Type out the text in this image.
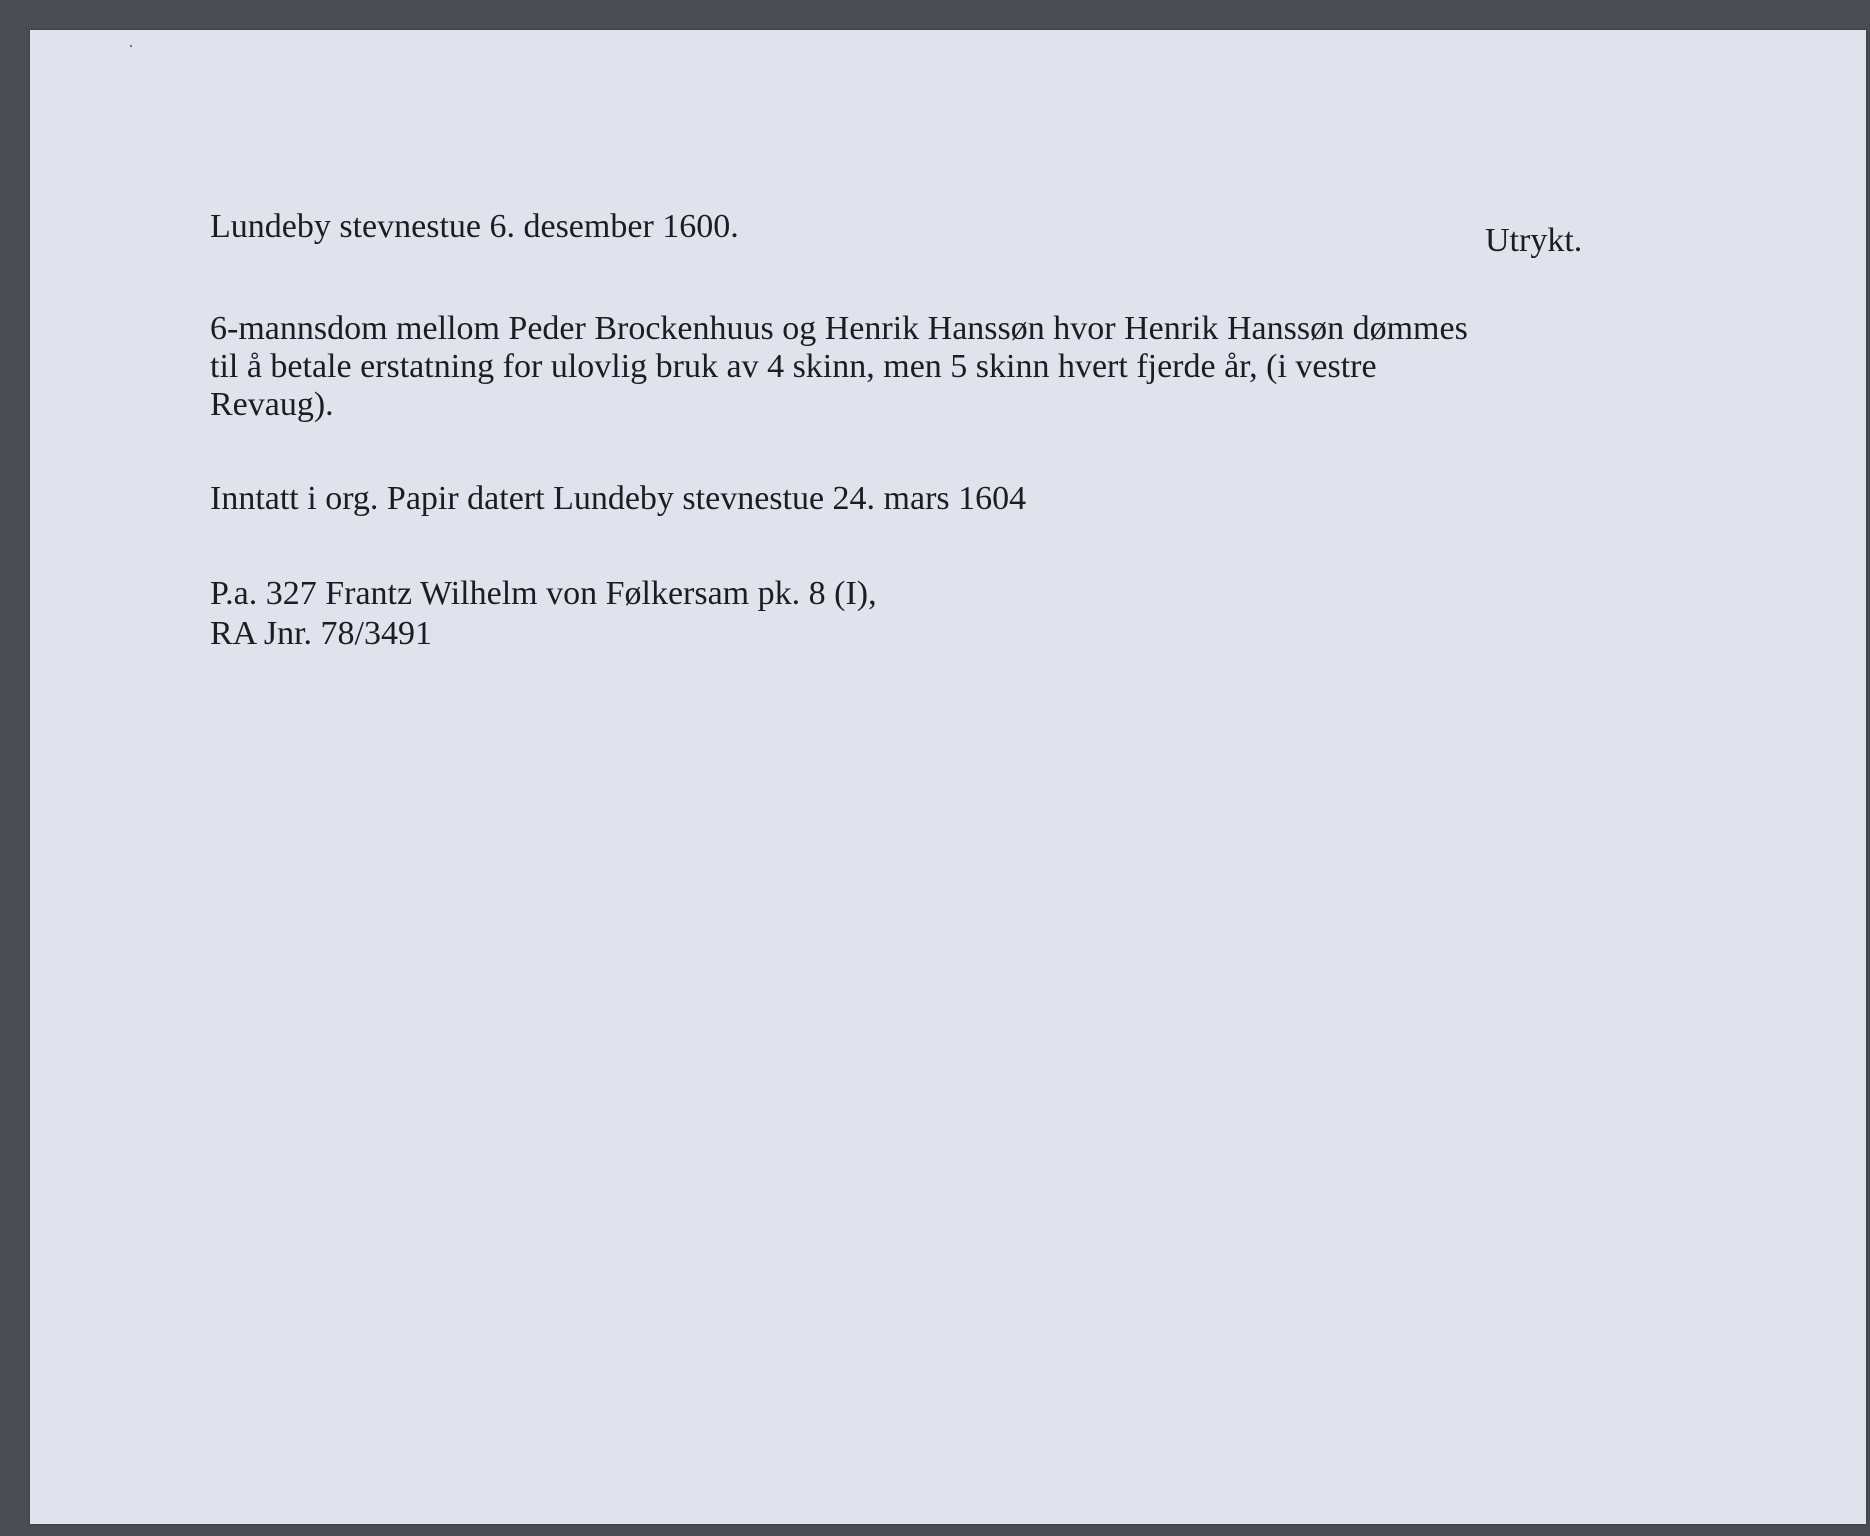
Lundeby stevnestue 6. desember 1600.	Utrykt.
6-mannsdom mellom Peder Brockenhuus og Henrik Hanssøn hvor Henrik Hanssøn dømmes
til å betale erstatning for ulovlig bruk av 4 skinn, men 5 skinn hvert fjerde år, (i vestre
Revaug).
Inntatt i org. Papir datert Lundeby stevnestue 24. mars 1604
P.a. 327 Frantz Wilhelm von Følkersam pk. 8 (I),
RA Jnr. 78/3491
